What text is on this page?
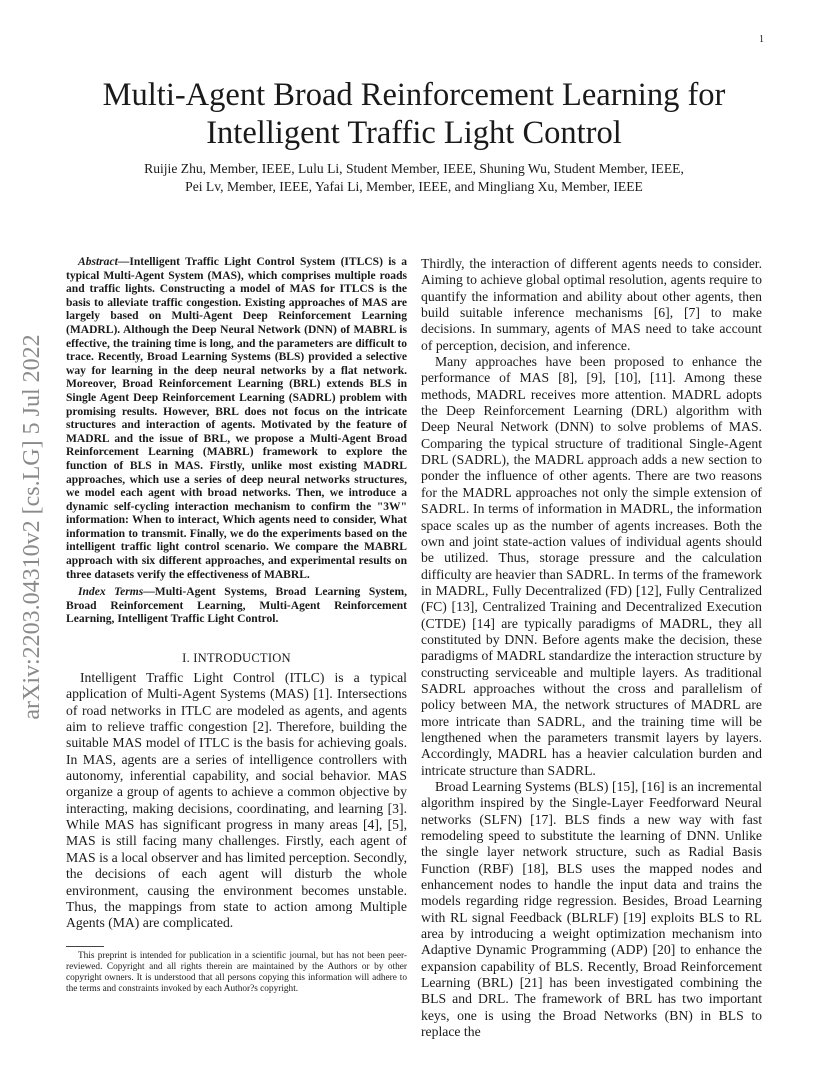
1
arXiv:2203.04310v2 [cs.LG] 5 Jul 2022
Multi-Agent Broad Reinforcement Learning for Intelligent Traffic Light Control
Ruijie Zhu, Member, IEEE, Lulu Li, Student Member, IEEE, Shuning Wu, Student Member, IEEE,
Pei Lv, Member, IEEE, Yafai Li, Member, IEEE, and Mingliang Xu, Member, IEEE

Abstract—Intelligent Traffic Light Control System (ITLCS) is a typical Multi-Agent System (MAS), which comprises multiple roads and traffic lights. Constructing a model of MAS for ITLCS is the basis to alleviate traffic congestion. Existing approaches of MAS are largely based on Multi-Agent Deep Reinforcement Learning (MADRL). Although the Deep Neural Network (DNN) of MABRL is effective, the training time is long, and the parameters are difficult to trace. Recently, Broad Learning Systems (BLS) provided a selective way for learning in the deep neural networks by a flat network. Moreover, Broad Reinforcement Learning (BRL) extends BLS in Single Agent Deep Reinforcement Learning (SADRL) problem with promising results. However, BRL does not focus on the intricate structures and interaction of agents. Motivated by the feature of MADRL and the issue of BRL, we propose a Multi-Agent Broad Reinforcement Learning (MABRL) framework to explore the function of BLS in MAS. Firstly, unlike most existing MADRL approaches, which use a series of deep neural networks structures, we model each agent with broad networks. Then, we introduce a dynamic self-cycling interaction mechanism to confirm the "3W" information: When to interact, Which agents need to consider, What information to transmit. Finally, we do the experiments based on the intelligent traffic light control scenario. We compare the MABRL approach with six different approaches, and experimental results on three datasets verify the effectiveness of MABRL.

Index Terms—Multi-Agent Systems, Broad Learning System, Broad Reinforcement Learning, Multi-Agent Reinforcement Learning, Intelligent Traffic Light Control.

I. INTRODUCTION

Intelligent Traffic Light Control (ITLC) is a typical application of Multi-Agent Systems (MAS) [1]. Intersections of road networks in ITLC are modeled as agents, and agents aim to relieve traffic congestion [2]. Therefore, building the suitable MAS model of ITLC is the basis for achieving goals. In MAS, agents are a series of intelligence controllers with autonomy, inferential capability, and social behavior. MAS organize a group of agents to achieve a common objective by interacting, making decisions, coordinating, and learning [3]. While MAS has significant progress in many areas [4], [5], MAS is still facing many challenges. Firstly, each agent of MAS is a local observer and has limited perception. Secondly, the decisions of each agent will disturb the whole environment, causing the environment becomes unstable. Thus, the mappings from state to action among Multiple Agents (MA) are complicated.

This preprint is intended for publication in a scientific journal, but has not been peer-reviewed. Copyright and all rights therein are maintained by the Authors or by other copyright owners. It is understood that all persons copying this information will adhere to the terms and constraints invoked by each Author?s copyright.

Thirdly, the interaction of different agents needs to consider. Aiming to achieve global optimal resolution, agents require to quantify the information and ability about other agents, then build suitable inference mechanisms [6], [7] to make decisions. In summary, agents of MAS need to take account of perception, decision, and inference.

Many approaches have been proposed to enhance the performance of MAS [8], [9], [10], [11]. Among these methods, MADRL receives more attention. MADRL adopts the Deep Reinforcement Learning (DRL) algorithm with Deep Neural Network (DNN) to solve problems of MAS. Comparing the typical structure of traditional Single-Agent DRL (SADRL), the MADRL approach adds a new section to ponder the influence of other agents. There are two reasons for the MADRL approaches not only the simple extension of SADRL. In terms of information in MADRL, the information space scales up as the number of agents increases. Both the own and joint state-action values of individual agents should be utilized. Thus, storage pressure and the calculation difficulty are heavier than SADRL. In terms of the framework in MADRL, Fully Decentralized (FD) [12], Fully Centralized (FC) [13], Centralized Training and Decentralized Execution (CTDE) [14] are typically paradigms of MADRL, they all constituted by DNN. Before agents make the decision, these paradigms of MADRL standardize the interaction structure by constructing serviceable and multiple layers. As traditional SADRL approaches without the cross and parallelism of policy between MA, the network structures of MADRL are more intricate than SADRL, and the training time will be lengthened when the parameters transmit layers by layers. Accordingly, MADRL has a heavier calculation burden and intricate structure than SADRL.

Broad Learning Systems (BLS) [15], [16] is an incremental algorithm inspired by the Single-Layer Feedforward Neural networks (SLFN) [17]. BLS finds a new way with fast remodeling speed to substitute the learning of DNN. Unlike the single layer network structure, such as Radial Basis Function (RBF) [18], BLS uses the mapped nodes and enhancement nodes to handle the input data and trains the models regarding ridge regression. Besides, Broad Learning with RL signal Feedback (BLRLF) [19] exploits BLS to RL area by introducing a weight optimization mechanism into Adaptive Dynamic Programming (ADP) [20] to enhance the expansion capability of BLS. Recently, Broad Reinforcement Learning (BRL) [21] has been investigated combining the BLS and DRL. The framework of BRL has two important keys, one is using the Broad Networks (BN) in BLS to replace the
